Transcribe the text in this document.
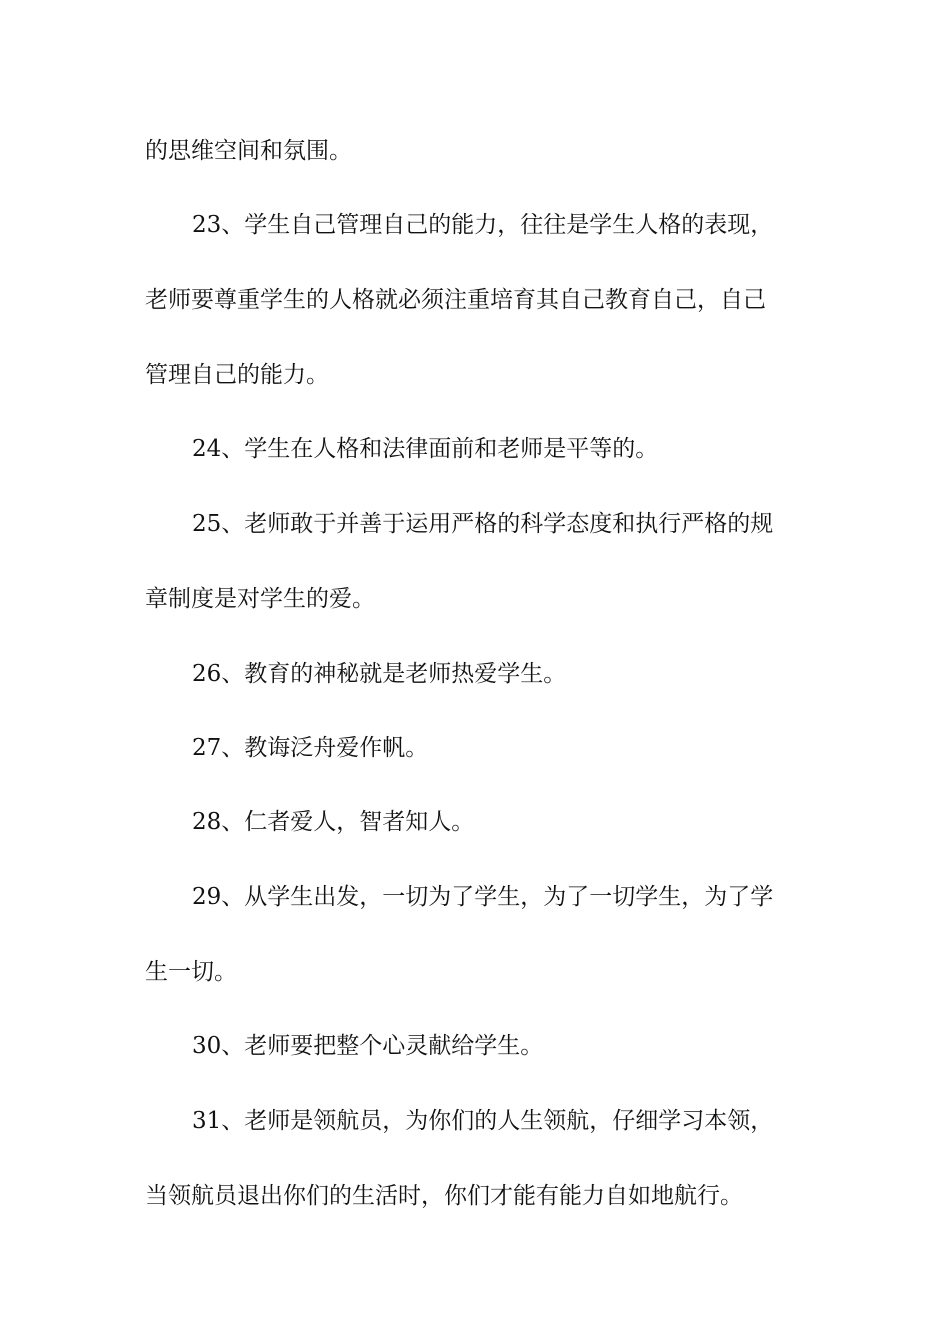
的思维空间和氛围。
23、学生自己管理自己的能力，往往是学生人格的表现，
老师要尊重学生的人格就必须注重培育其自己教育自己，自己
管理自己的能力。
24、学生在人格和法律面前和老师是平等的。
25、老师敢于并善于运用严格的科学态度和执行严格的规
章制度是对学生的爱。
26、教育的神秘就是老师热爱学生。
27、教诲泛舟爱作帆。
28、仁者爱人，智者知人。
29、从学生出发，一切为了学生，为了一切学生，为了学
生一切。
30、老师要把整个心灵献给学生。
31、老师是领航员，为你们的人生领航，仔细学习本领，
当领航员退出你们的生活时，你们才能有能力自如地航行。
